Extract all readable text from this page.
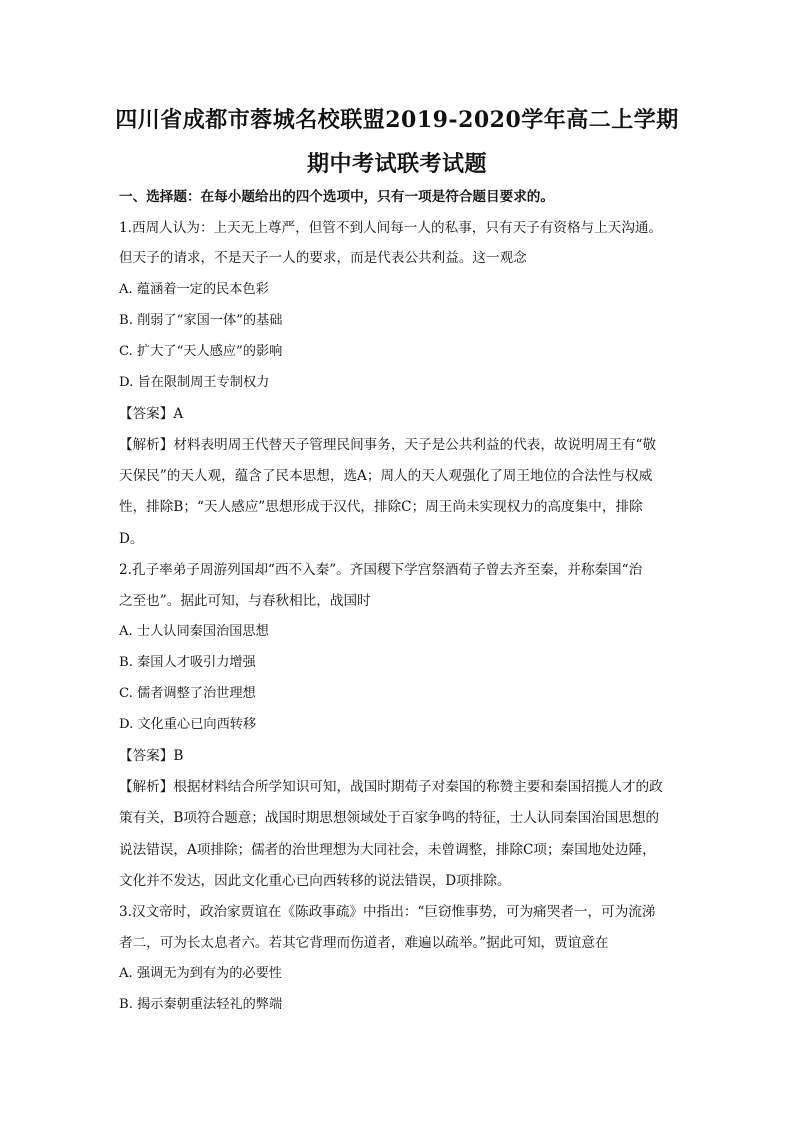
四川省成都市蓉城名校联盟2019-2020学年高二上学期
期中考试联考试题
一、选择题：在每小题给出的四个选项中，只有一项是符合题目要求的。
1.西周人认为：上天无上尊严，但管不到人间每一人的私事，只有天子有资格与上天沟通。
但天子的请求，不是天子一人的要求，而是代表公共利益。这一观念
A. 蕴涵着一定的民本色彩
B. 削弱了“家国一体”的基础
C. 扩大了“天人感应”的影响
D. 旨在限制周王专制权力
【答案】A
【解析】材料表明周王代替天子管理民间事务，天子是公共利益的代表，故说明周王有“敬
天保民”的天人观，蕴含了民本思想，选A；周人的天人观强化了周王地位的合法性与权威
性，排除B；“天人感应”思想形成于汉代，排除C；周王尚未实现权力的高度集中，排除
D。
2.孔子率弟子周游列国却“西不入秦”。齐国稷下学宫祭酒荀子曾去齐至秦，并称秦国“治
之至也”。据此可知，与春秋相比，战国时
A. 士人认同秦国治国思想
B. 秦国人才吸引力增强
C. 儒者调整了治世理想
D. 文化重心已向西转移
【答案】B
【解析】根据材料结合所学知识可知，战国时期荀子对秦国的称赞主要和秦国招揽人才的政
策有关，B项符合题意；战国时期思想领域处于百家争鸣的特征，士人认同秦国治国思想的
说法错误，A项排除；儒者的治世理想为大同社会，未曾调整，排除C项；秦国地处边陲，
文化并不发达，因此文化重心已向西转移的说法错误，D项排除。
3.汉文帝时，政治家贾谊在《陈政事疏》中指出：“巨窃惟事势，可为痛哭者一，可为流涕
者二，可为长太息者六。若其它背理而伤道者，难遍以疏举。”据此可知，贾谊意在
A. 强调无为到有为的必要性
B. 揭示秦朝重法轻礼的弊端
